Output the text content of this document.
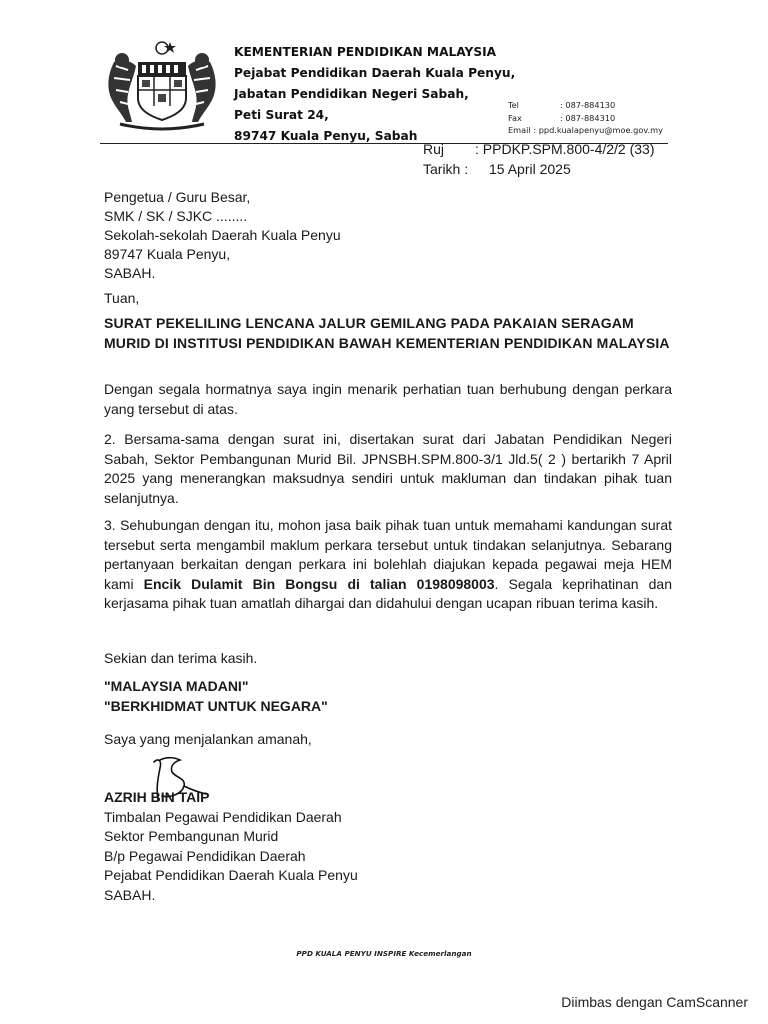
KEMENTERIAN PENDIDIKAN MALAYSIA
Pejabat Pendidikan Daerah Kuala Penyu,
Jabatan Pendidikan Negeri Sabah,
Peti Surat 24,
89747 Kuala Penyu, Sabah
Tel	: 087-884130
Fax	: 087-884310
Email : ppd.kualapenyu@moe.gov.my
Ruj : PPDKP.SPM.800-4/2/2 (33)
Tarikh : 15 April 2025
Pengetua / Guru Besar,
SMK / SK / SJKC ........
Sekolah-sekolah Daerah Kuala Penyu
89747 Kuala Penyu,
SABAH.
Tuan,
SURAT PEKELILING LENCANA JALUR GEMILANG PADA PAKAIAN SERAGAM MURID DI INSTITUSI PENDIDIKAN BAWAH KEMENTERIAN PENDIDIKAN MALAYSIA
Dengan segala hormatnya saya ingin menarik perhatian tuan berhubung dengan perkara yang tersebut di atas.
2. Bersama-sama dengan surat ini, disertakan surat dari Jabatan Pendidikan Negeri Sabah, Sektor Pembangunan Murid Bil. JPNSBH.SPM.800-3/1 Jld.5( 2 ) bertarikh 7 April 2025 yang menerangkan maksudnya sendiri untuk makluman dan tindakan pihak tuan selanjutnya.
3. Sehubungan dengan itu, mohon jasa baik pihak tuan untuk memahami kandungan surat tersebut serta mengambil maklum perkara tersebut untuk tindakan selanjutnya. Sebarang pertanyaan berkaitan dengan perkara ini bolehlah diajukan kepada pegawai meja HEM kami Encik Dulamit Bin Bongsu di talian 0198098003. Segala keprihatinan dan kerjasama pihak tuan amatlah dihargai dan didahului dengan ucapan ribuan terima kasih.
Sekian dan terima kasih.
"MALAYSIA MADANI"
"BERKHIDMAT UNTUK NEGARA"
Saya yang menjalankan amanah,
AZRIH BIN TAIP
Timbalan Pegawai Pendidikan Daerah
Sektor Pembangunan Murid
B/p Pegawai Pendidikan Daerah
Pejabat Pendidikan Daerah Kuala Penyu
SABAH.
PPD KUALA PENYU INSPIRE Kecemerlangan
Diimbas dengan CamScanner
